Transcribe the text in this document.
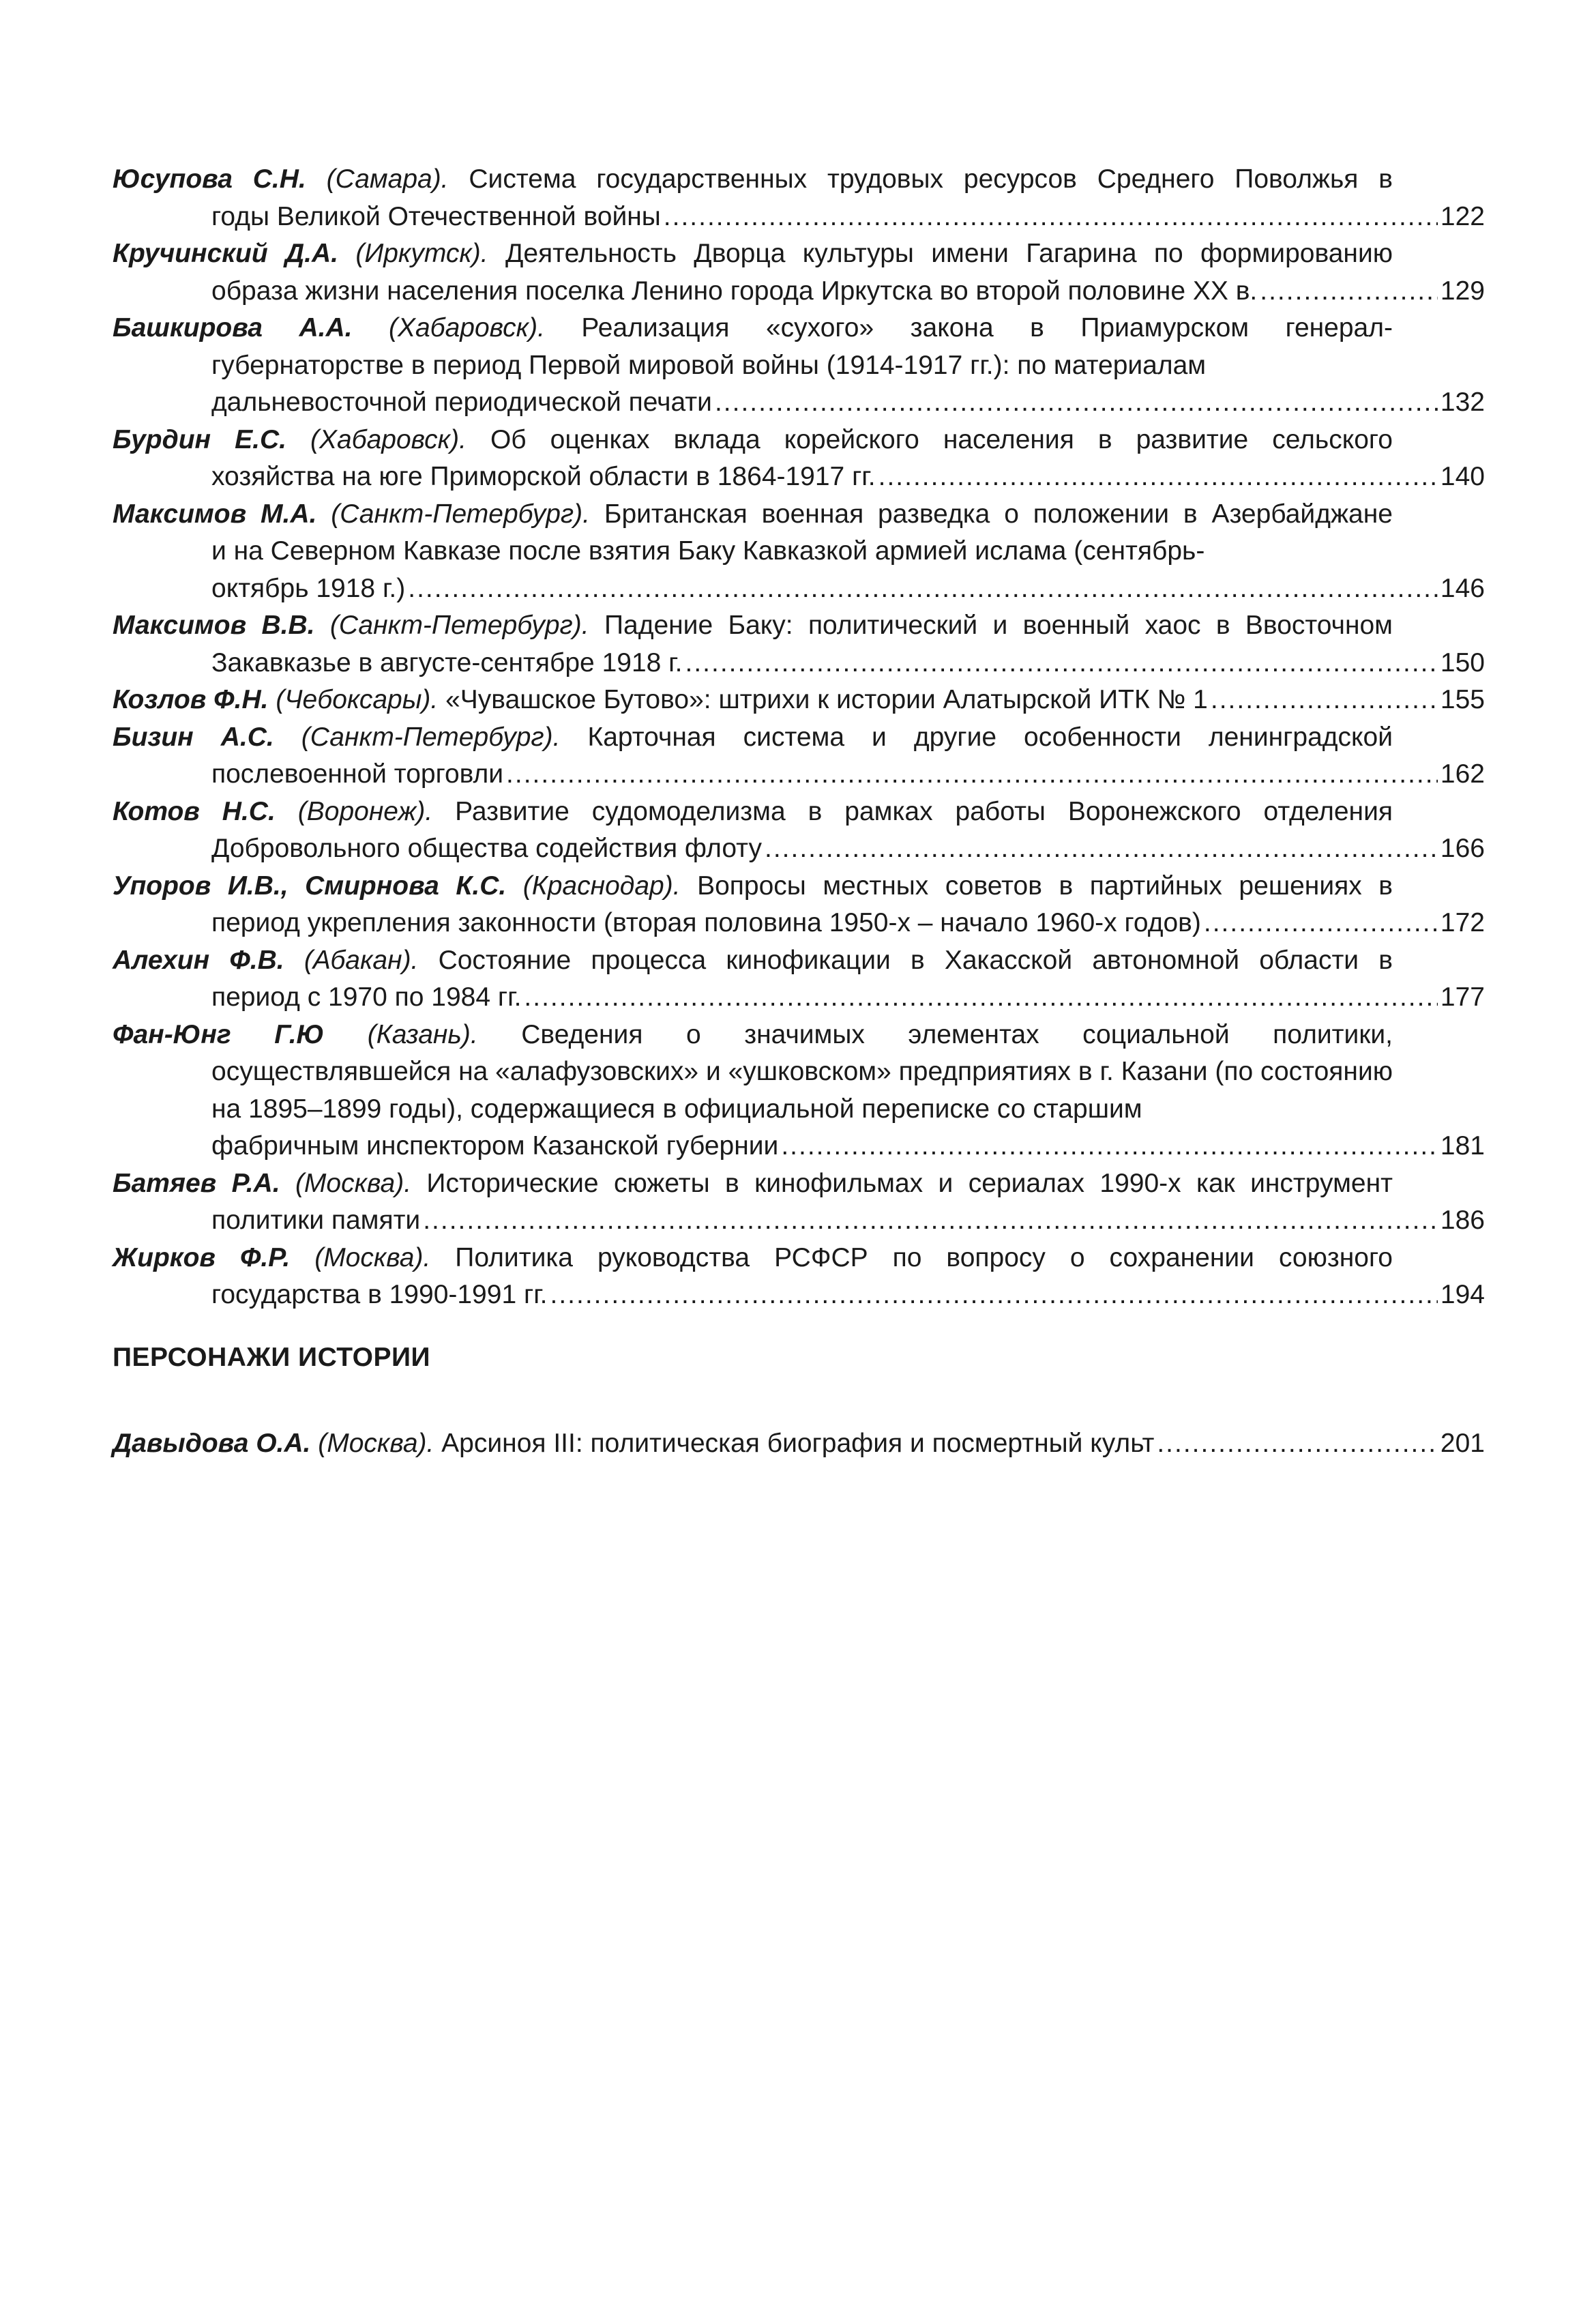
Юсупова С.Н. (Самара). Система государственных трудовых ресурсов Среднего Поволжья в
годы Великой Отечественной войны .....	122
Кручинский Д.А. (Иркутск). Деятельность Дворца культуры имени Гагарина по формированию
образа жизни населения поселка Ленино города Иркутска во второй половине XX в. .....	129
Башкирова А.А. (Хабаровск). Реализация «сухого» закона в Приамурском генерал-
губернаторстве в период Первой мировой войны (1914-1917 гг.): по материалам
дальневосточной периодической печати .....	132
Бурдин Е.С. (Хабаровск). Об оценках вклада корейского населения в развитие сельского
хозяйства на юге Приморской области в 1864-1917 гг. .....	140
Максимов М.А. (Санкт-Петербург). Британская военная разведка о положении в Азербайджане
и на Северном Кавказе после взятия Баку Кавказкой армией ислама (сентябрь-
октябрь 1918 г.) .....	146
Максимов В.В. (Санкт-Петербург). Падение Баку: политический и военный хаос в Ввосточном
Закавказье в августе-сентябре 1918 г. .....	150
Козлов Ф.Н. (Чебоксары). «Чувашское Бутово»: штрихи к истории Алатырской ИТК № 1 .....	155
Бизин А.С. (Санкт-Петербург). Карточная система и другие особенности ленинградской
послевоенной торговли .....	162
Котов Н.С. (Воронеж). Развитие судомоделизма в рамках работы Воронежского отделения
Добровольного общества содействия флоту .....	166
Упоров И.В., Смирнова К.С. (Краснодар). Вопросы местных советов в партийных решениях в
период укрепления законности (вторая половина 1950-х – начало 1960-х годов) .....	172
Алехин Ф.В. (Абакан). Состояние процесса кинофикации в Хакасской автономной области в
период с 1970 по 1984 гг. .....	177
Фан-Юнг Г.Ю (Казань). Сведения о значимых элементах социальной политики,
осуществлявшейся на «алафузовских» и «ушковском» предприятиях в г. Казани (по состоянию на 1895–1899 годы), содержащиеся в официальной переписке со старшим
фабричным инспектором Казанской губернии .....	181
Батяев Р.А. (Москва). Исторические сюжеты в кинофильмах и сериалах 1990-х как инструмент
политики памяти .....	186
Жирков Ф.Р. (Москва). Политика руководства РСФСР по вопросу о сохранении союзного
государства в 1990-1991 гг. .....	194
ПЕРСОНАЖИ ИСТОРИИ
Давыдова О.А. (Москва). Арсиноя III: политическая биография и посмертный культ .....	201
